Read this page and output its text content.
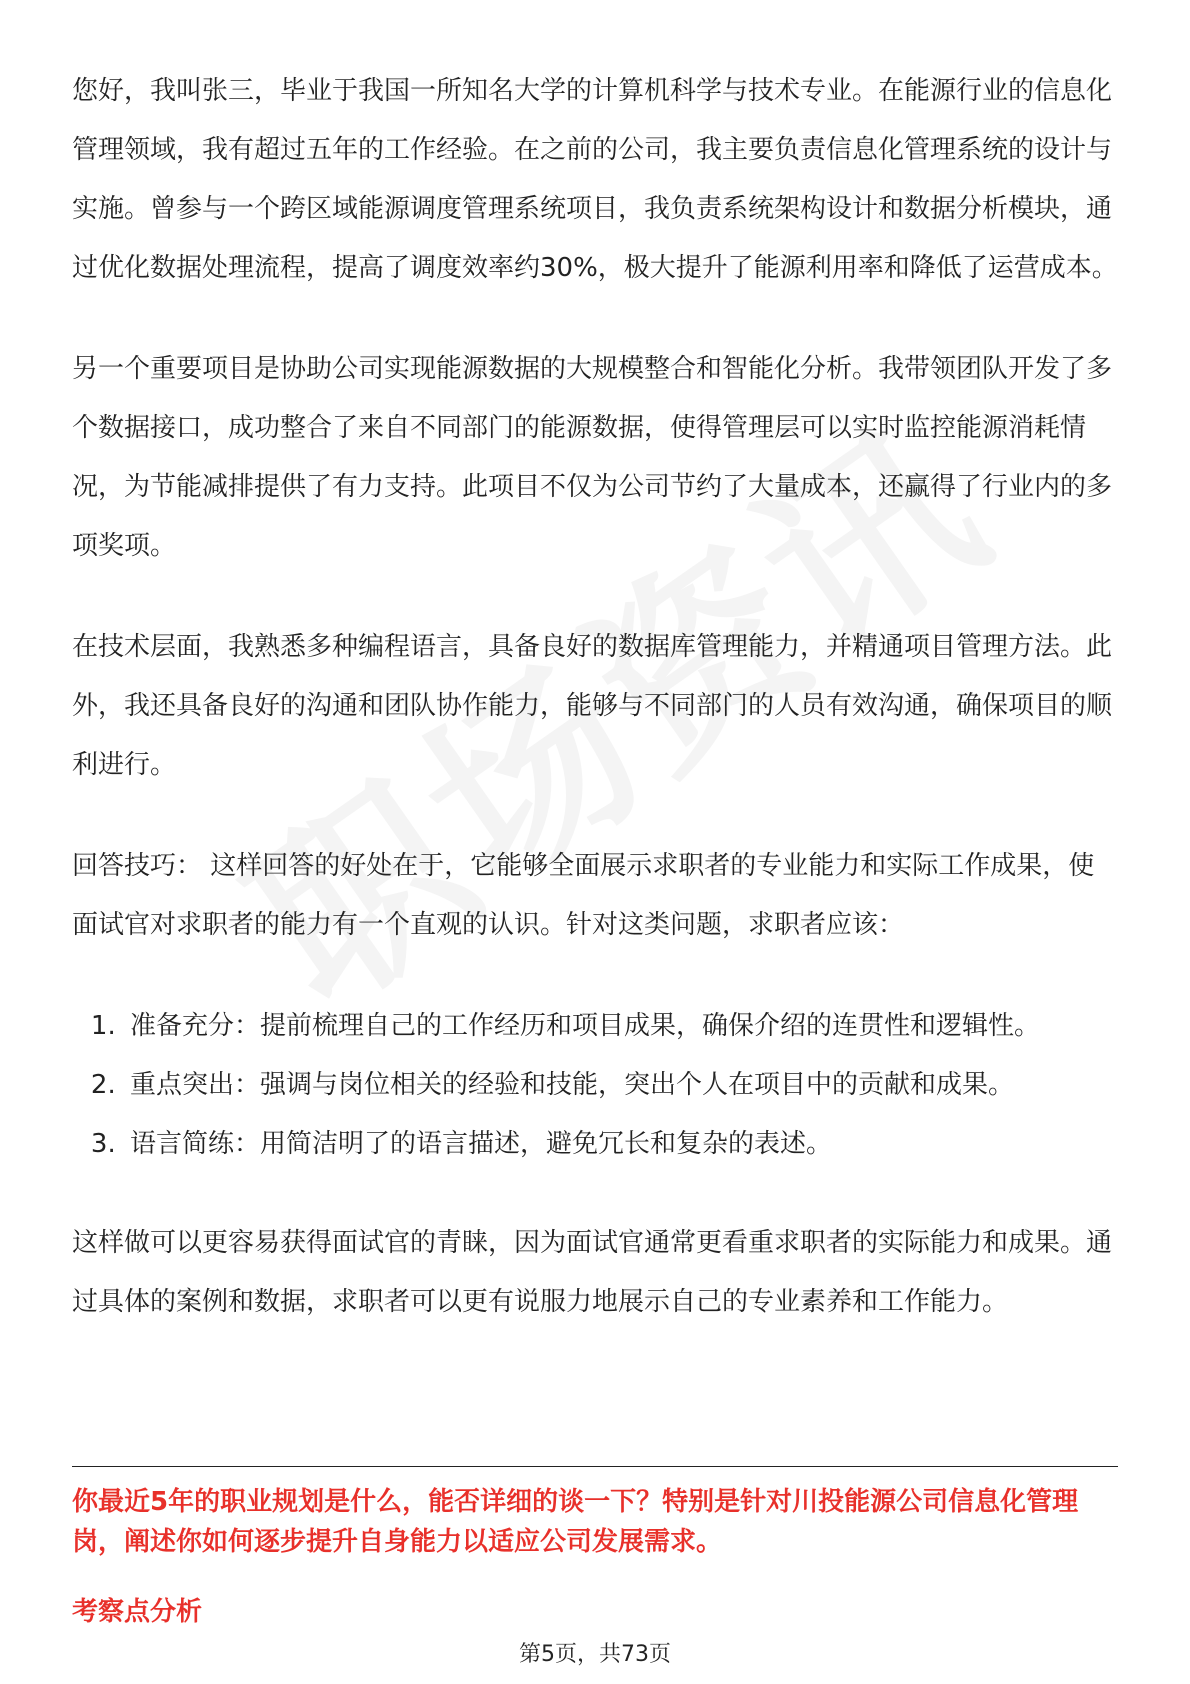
您好，我叫张三，毕业于我国一所知名大学的计算机科学与技术专业。在能源行业的信息化管理领域，我有超过五年的工作经验。在之前的公司，我主要负责信息化管理系统的设计与实施。曾参与一个跨区域能源调度管理系统项目，我负责系统架构设计和数据分析模块，通过优化数据处理流程，提高了调度效率约30%，极大提升了能源利用率和降低了运营成本。

另一个重要项目是协助公司实现能源数据的大规模整合和智能化分析。我带领团队开发了多个数据接口，成功整合了来自不同部门的能源数据，使得管理层可以实时监控能源消耗情况，为节能减排提供了有力支持。此项目不仅为公司节约了大量成本，还赢得了行业内的多项奖项。

在技术层面，我熟悉多种编程语言，具备良好的数据库管理能力，并精通项目管理方法。此外，我还具备良好的沟通和团队协作能力，能够与不同部门的人员有效沟通，确保项目的顺利进行。

回答技巧： 这样回答的好处在于，它能够全面展示求职者的专业能力和实际工作成果，使面试官对求职者的能力有一个直观的认识。针对这类问题，求职者应该：

1. 准备充分：提前梳理自己的工作经历和项目成果，确保介绍的连贯性和逻辑性。
2. 重点突出：强调与岗位相关的经验和技能，突出个人在项目中的贡献和成果。
3. 语言简练：用简洁明了的语言描述，避免冗长和复杂的表述。

这样做可以更容易获得面试官的青睐，因为面试官通常更看重求职者的实际能力和成果。通过具体的案例和数据，求职者可以更有说服力地展示自己的专业素养和工作能力。

你最近5年的职业规划是什么，能否详细的谈一下？特别是针对川投能源公司信息化管理岗，阐述你如何逐步提升自身能力以适应公司发展需求。

考察点分析

第5页，共73页
